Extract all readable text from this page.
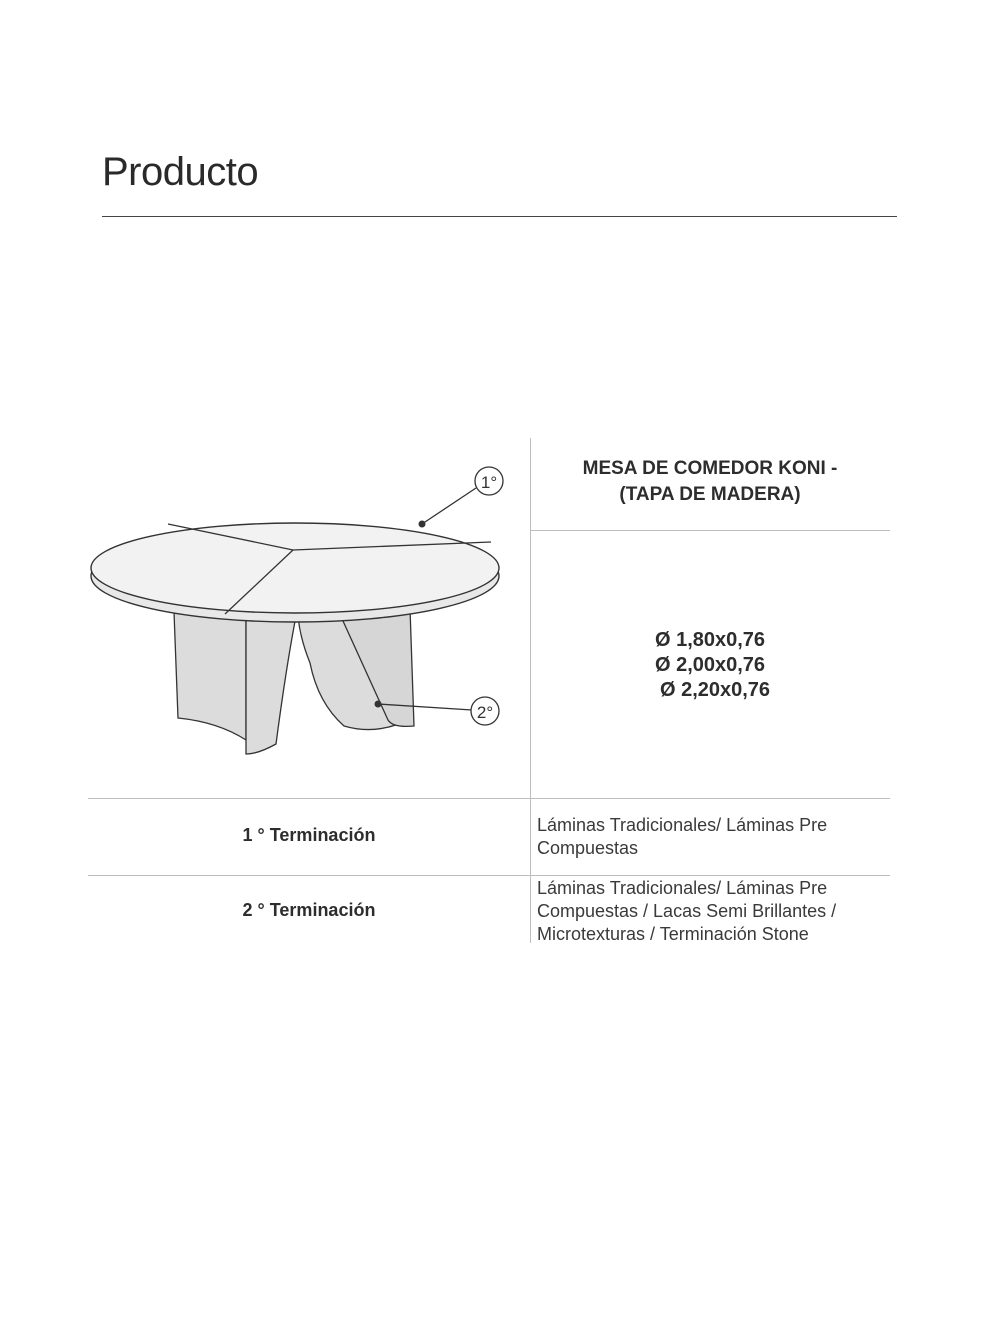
Producto
1°
2°
MESA DE COMEDOR KONI -
(TAPA DE MADERA)
Ø 1,80x0,76
Ø 2,00x0,76
Ø 2,20x0,76
1 ° Terminación	Láminas Tradicionales/ Láminas Pre Compuestas
2 ° Terminación
Láminas Tradicionales/ Láminas Pre Compuestas / Lacas Semi Brillantes / Microtexturas / Terminación Stone
